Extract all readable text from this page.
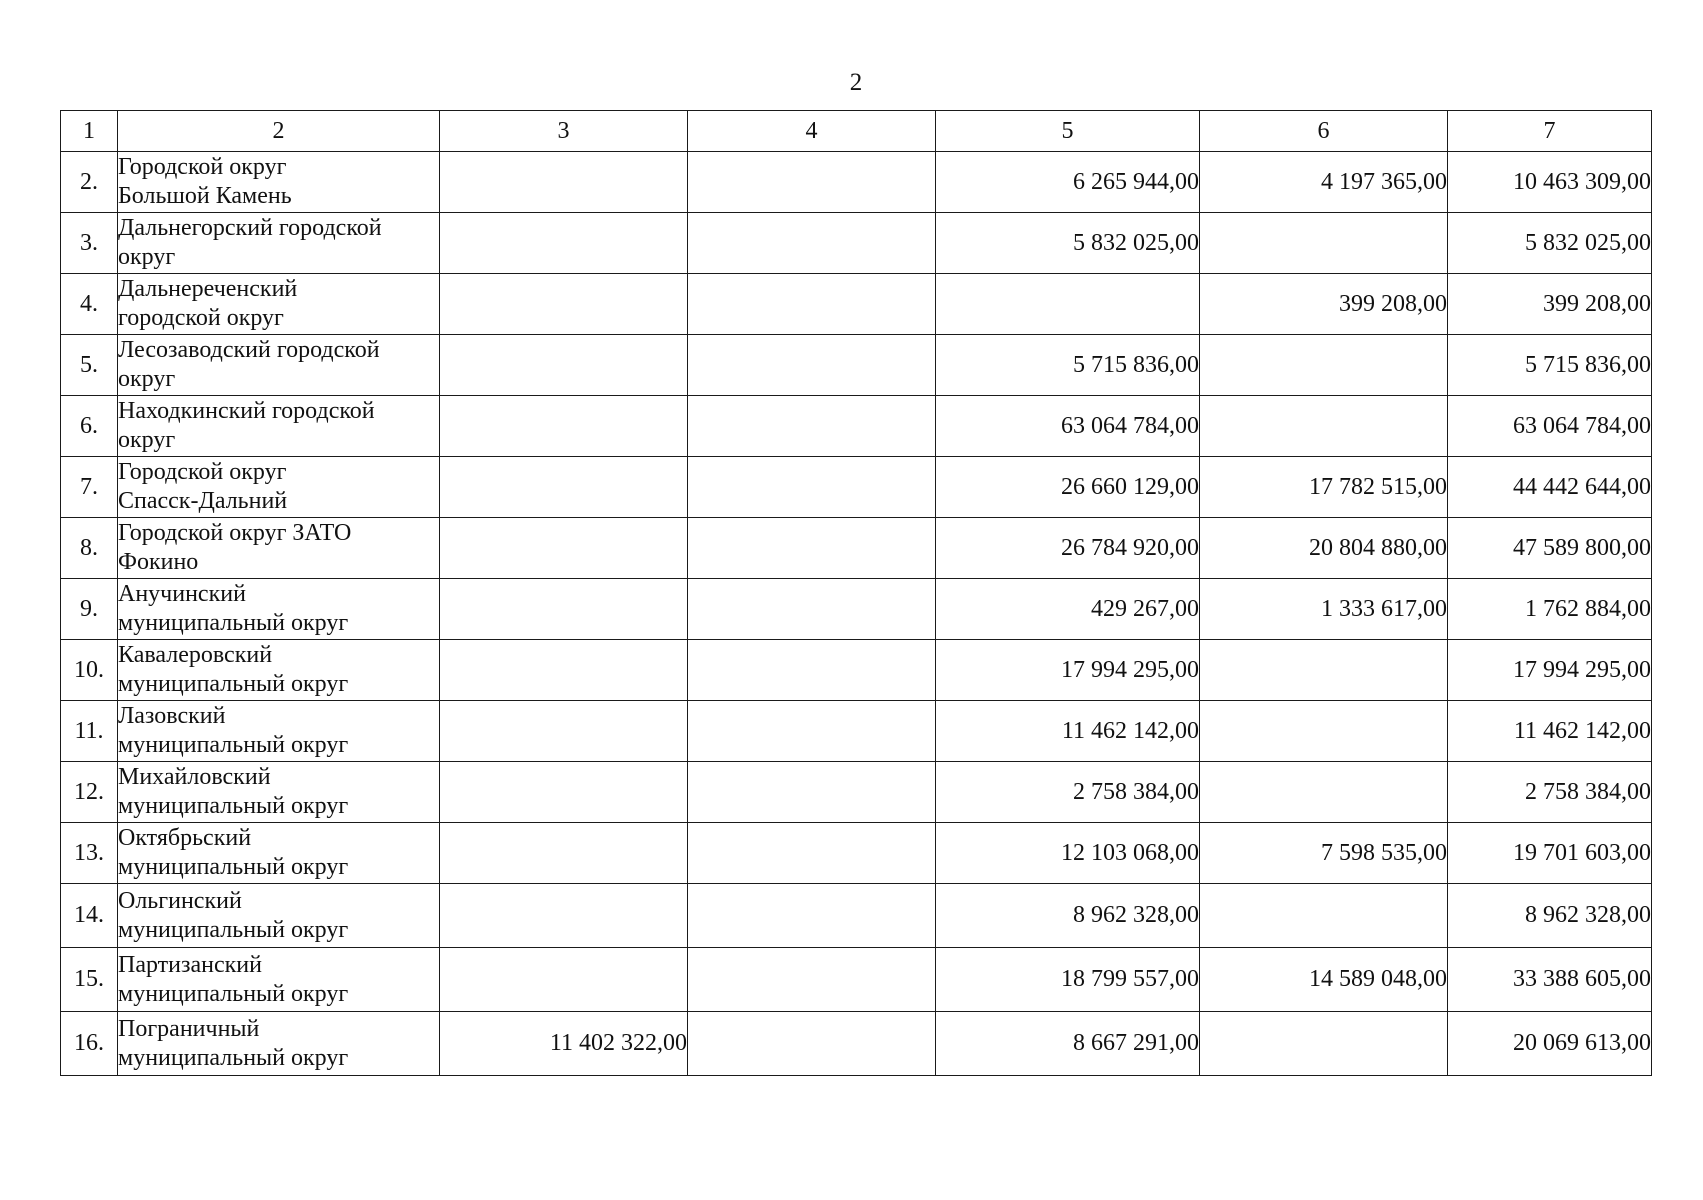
2
1	2	3	4	5	6	7
2.	Городской округ
Большой Камень			6 265 944,00	4 197 365,00	10 463 309,00
3.	Дальнегорский городской
округ			5 832 025,00		5 832 025,00
4.	Дальнереченский
городской округ				399 208,00	399 208,00
5.	Лесозаводский городской
округ			5 715 836,00		5 715 836,00
6.	Находкинский городской
округ			63 064 784,00		63 064 784,00
7.	Городской округ
Спасск-Дальний			26 660 129,00	17 782 515,00	44 442 644,00
8.	Городской округ ЗАТО
Фокино			26 784 920,00	20 804 880,00	47 589 800,00
9.	Анучинский
муниципальный округ			429 267,00	1 333 617,00	1 762 884,00
10.	Кавалеровский
муниципальный округ			17 994 295,00		17 994 295,00
11.	Лазовский
муниципальный округ			11 462 142,00		11 462 142,00
12.	Михайловский
муниципальный округ			2 758 384,00		2 758 384,00
13.	Октябрьский
муниципальный округ			12 103 068,00	7 598 535,00	19 701 603,00
14.	Ольгинский
муниципальный округ			8 962 328,00		8 962 328,00
15.	Партизанский
муниципальный округ			18 799 557,00	14 589 048,00	33 388 605,00
16.	Пограничный
муниципальный округ	11 402 322,00		8 667 291,00		20 069 613,00
